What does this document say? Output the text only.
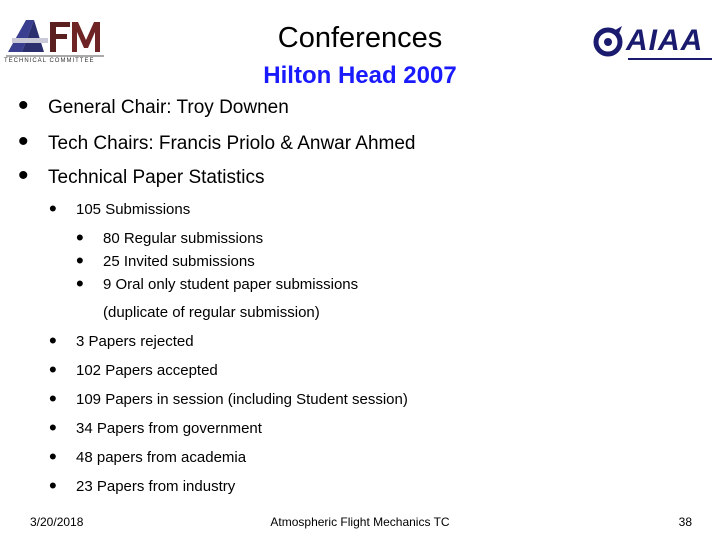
TECHNICAL COMMITTEE
AIAA
Conferences
Hilton Head 2007
• General Chair: Troy Downen
• Tech Chairs: Francis Priolo & Anwar Ahmed
• Technical Paper Statistics
• 105 Submissions
• 80 Regular submissions
• 25 Invited submissions
• 9 Oral only student paper submissions
(duplicate of regular submission)
• 3 Papers rejected
• 102 Papers accepted
• 109 Papers in session (including Student session)
• 34 Papers from government
• 48 papers from academia
• 23 Papers from industry
3/20/2018	Atmospheric Flight Mechanics TC	38
